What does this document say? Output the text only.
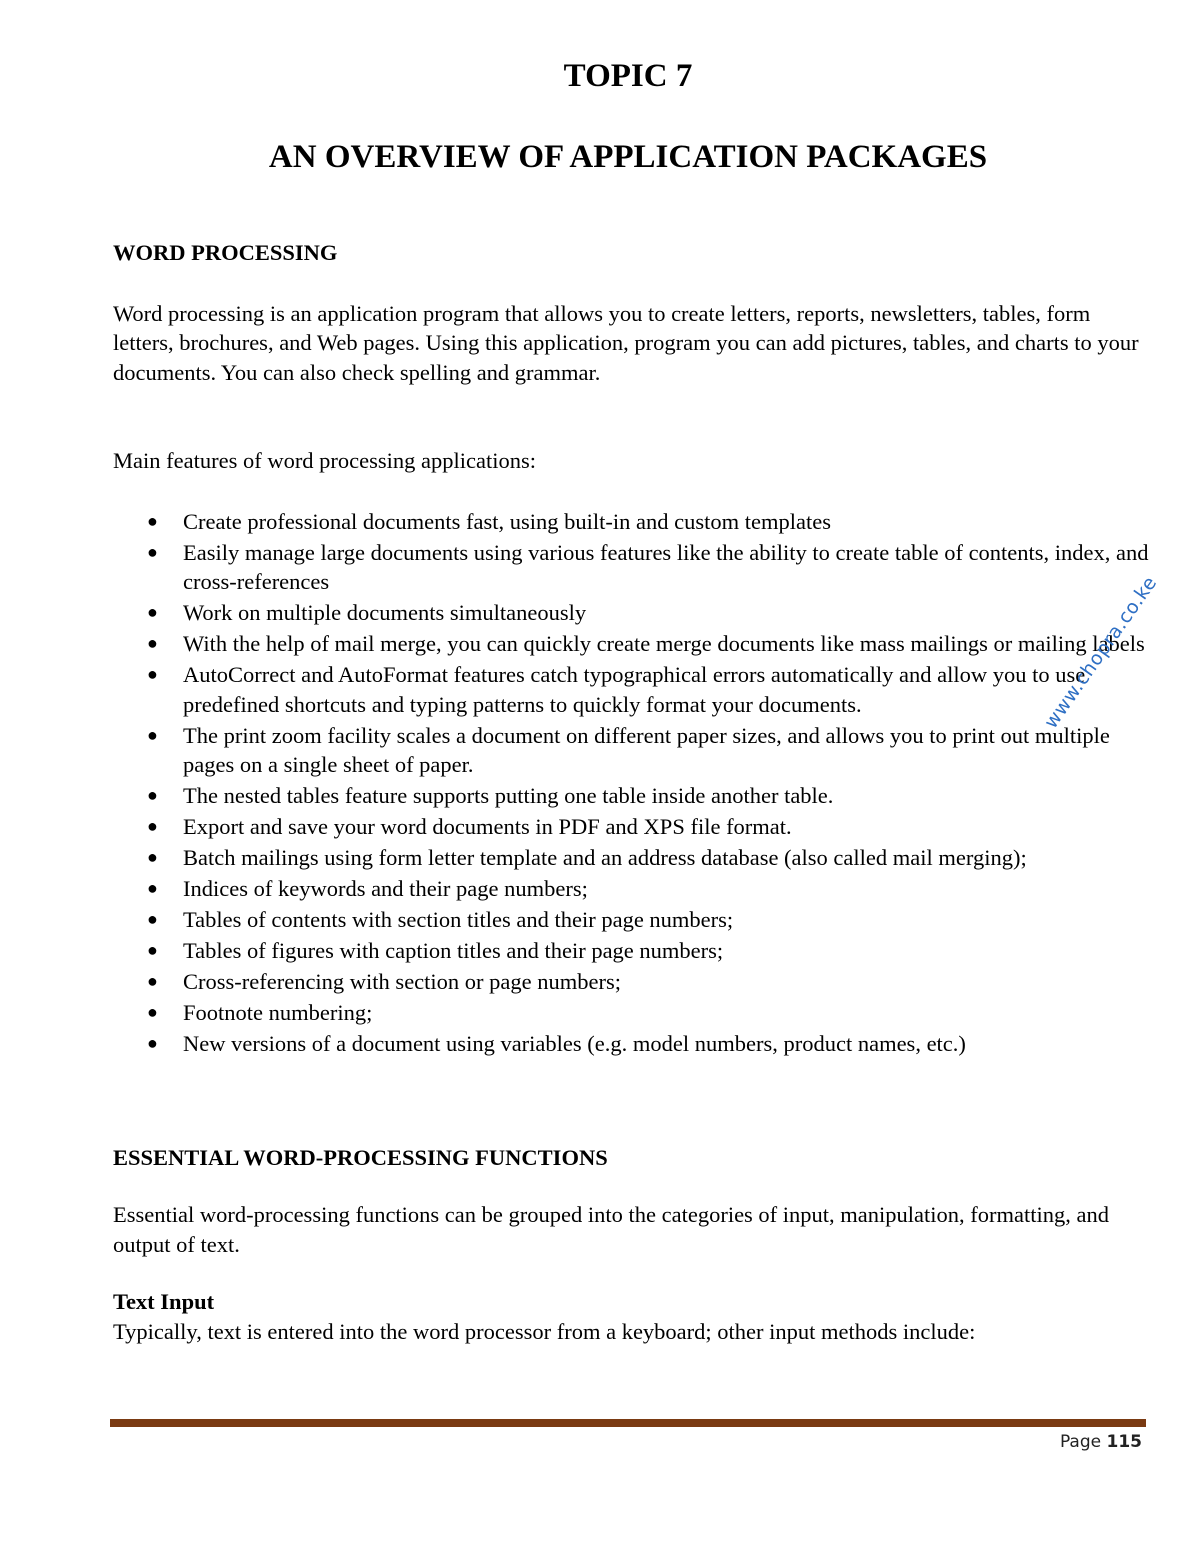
TOPIC 7
AN OVERVIEW OF APPLICATION PACKAGES
WORD PROCESSING

Word processing is an application program that allows you to create letters, reports, newsletters, tables, form letters, brochures, and Web pages. Using this application, program you can add pictures, tables, and charts to your documents. You can also check spelling and grammar.

Main features of word processing applications:

● Create professional documents fast, using built-in and custom templates
● Easily manage large documents using various features like the ability to create table of contents, index, and cross-references
● Work on multiple documents simultaneously
● With the help of mail merge, you can quickly create merge documents like mass mailings or mailing labels
● AutoCorrect and AutoFormat features catch typographical errors automatically and allow you to use predefined shortcuts and typing patterns to quickly format your documents.
● The print zoom facility scales a document on different paper sizes, and allows you to print out multiple pages on a single sheet of paper.
● The nested tables feature supports putting one table inside another table.
● Export and save your word documents in PDF and XPS file format.
● Batch mailings using form letter template and an address database (also called mail merging);
● Indices of keywords and their page numbers;
● Tables of contents with section titles and their page numbers;
● Tables of figures with caption titles and their page numbers;
● Cross-referencing with section or page numbers;
● Footnote numbering;
● New versions of a document using variables (e.g. model numbers, product names, etc.)
ESSENTIAL WORD-PROCESSING FUNCTIONS

Essential word-processing functions can be grouped into the categories of input, manipulation, formatting, and output of text.

Text Input

Typically, text is entered into the word processor from a keyboard; other input methods include:

www.chopra.co.ke
Page 115
